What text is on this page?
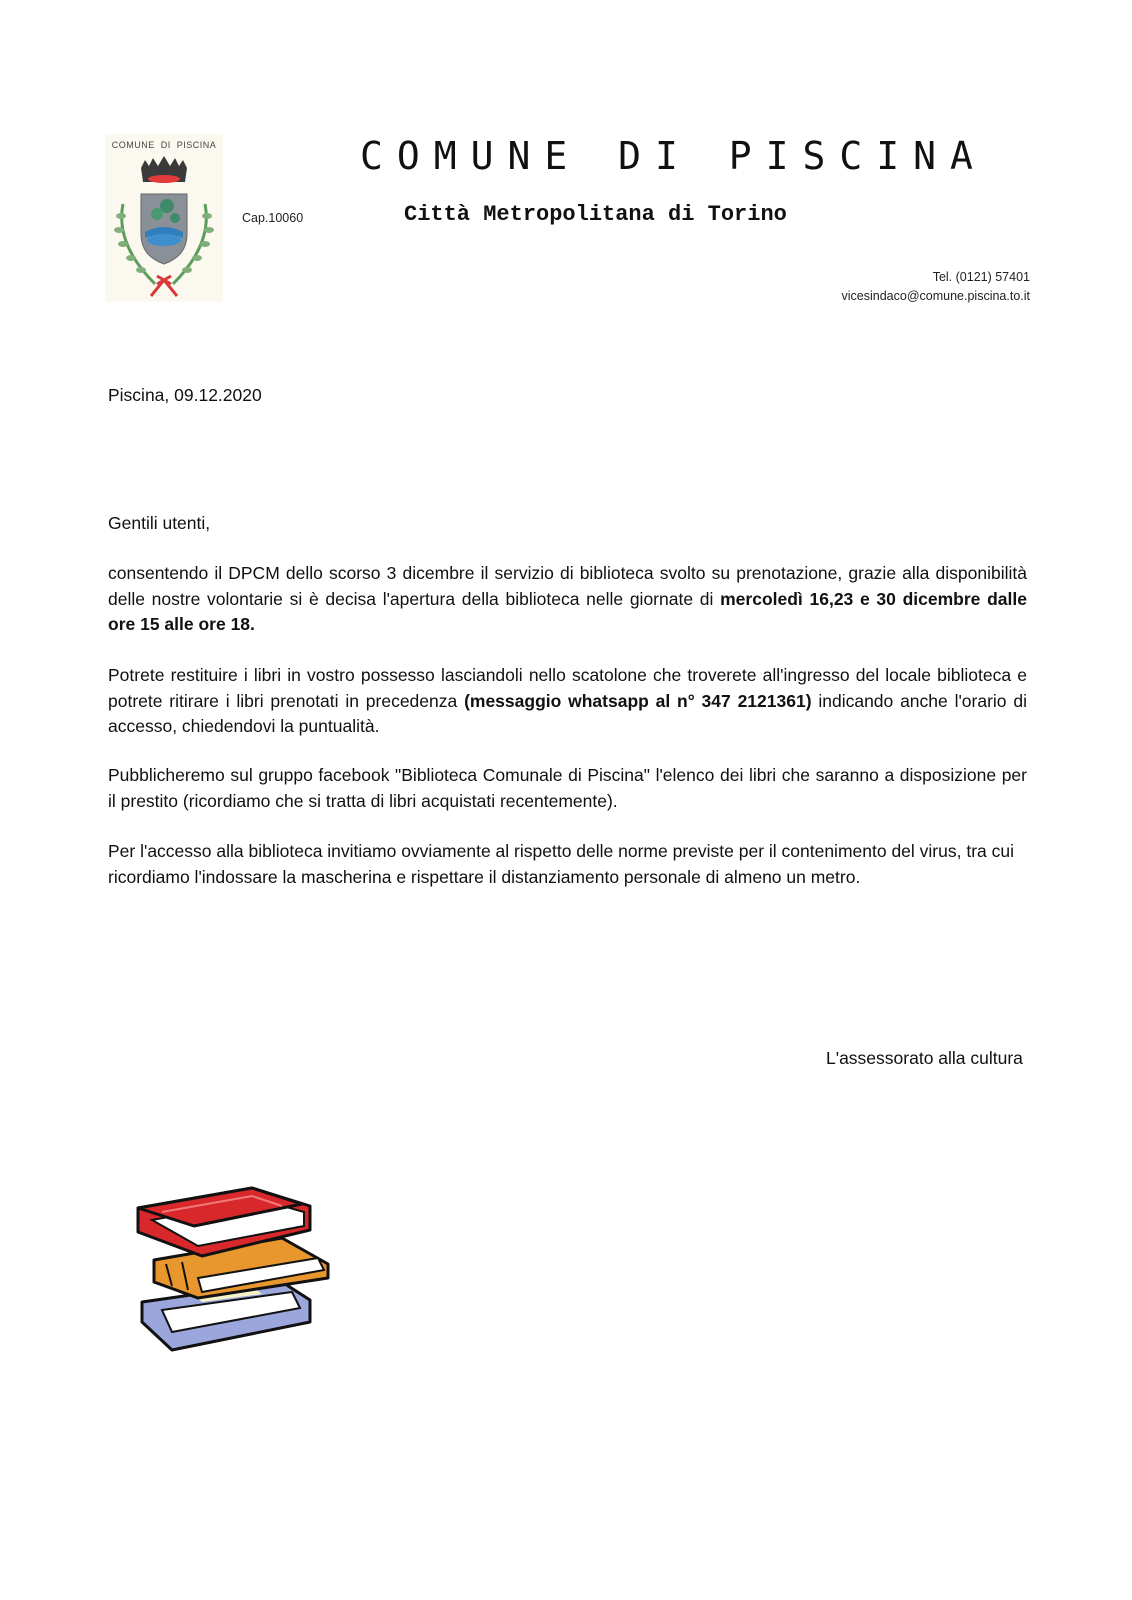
COMUNE  DI  PISCINA
Cap.10060
COMUNE DI PISCINA
Città Metropolitana di Torino
Tel. (0121) 57401
vicesindaco@comune.piscina.to.it
Piscina, 09.12.2020
Gentili utenti,
consentendo il DPCM dello scorso 3 dicembre il servizio di biblioteca svolto su prenotazione, grazie alla disponibilità delle nostre volontarie si è decisa l'apertura della biblioteca nelle giornate di mercoledì 16,23 e 30 dicembre dalle ore 15 alle ore 18.
Potrete restituire i libri in vostro possesso lasciandoli nello scatolone che troverete all'ingresso del locale biblioteca e potrete ritirare i libri prenotati in precedenza (messaggio whatsapp al n° 347 2121361) indicando anche l'orario di accesso, chiedendovi la puntualità.
Pubblicheremo sul gruppo facebook "Biblioteca Comunale di Piscina" l'elenco dei libri che saranno a disposizione per il prestito (ricordiamo che si tratta di libri acquistati recentemente).
Per l'accesso alla biblioteca invitiamo ovviamente al rispetto delle norme previste per il contenimento del virus, tra cui ricordiamo l'indossare la mascherina e rispettare il distanziamento personale di almeno un metro.
L'assessorato alla cultura
